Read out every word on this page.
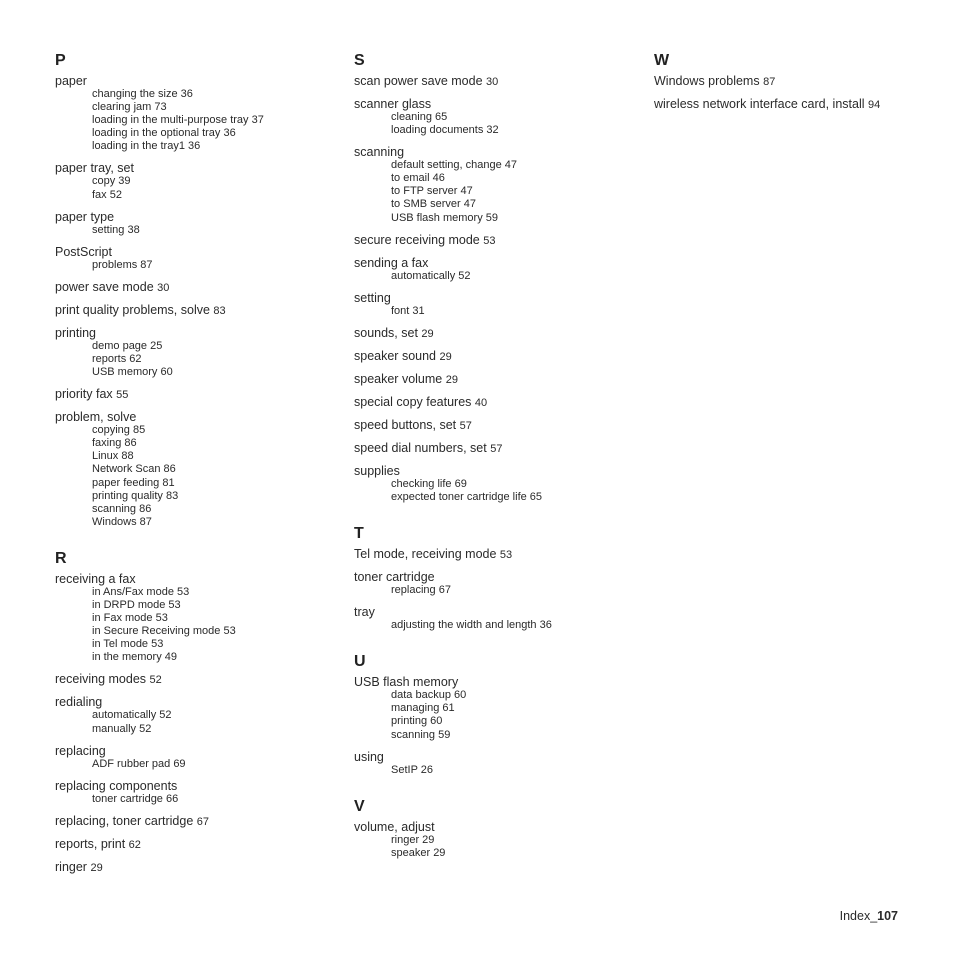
P
paper
changing the size 36
clearing jam 73
loading in the multi-purpose tray 37
loading in the optional tray 36
loading in the tray1 36
paper tray, set
copy 39
fax 52
paper type
setting 38
PostScript
problems 87
power save mode 30
print quality problems, solve 83
printing
demo page 25
reports 62
USB memory 60
priority fax 55
problem, solve
copying 85
faxing 86
Linux 88
Network Scan 86
paper feeding 81
printing quality 83
scanning 86
Windows 87
R
receiving a fax
in Ans/Fax mode 53
in DRPD mode 53
in Fax mode 53
in Secure Receiving mode 53
in Tel mode 53
in the memory 49
receiving modes 52
redialing
automatically 52
manually 52
replacing
ADF rubber pad 69
replacing components
toner cartridge 66
replacing, toner cartridge 67
reports, print 62
ringer 29
S
scan power save mode 30
scanner glass
cleaning 65
loading documents 32
scanning
default setting, change 47
to email 46
to FTP server 47
to SMB server 47
USB flash memory 59
secure receiving mode 53
sending a fax
automatically 52
setting
font 31
sounds, set 29
speaker sound 29
speaker volume 29
special copy features 40
speed buttons, set 57
speed dial numbers, set 57
supplies
checking life 69
expected toner cartridge life 65
T
Tel mode, receiving mode 53
toner cartridge
replacing 67
tray
adjusting the width and length 36
U
USB flash memory
data backup 60
managing 61
printing 60
scanning 59
using
SetIP 26
V
volume, adjust
ringer 29
speaker 29
W
Windows problems 87
wireless network interface card, install 94
Index_107
